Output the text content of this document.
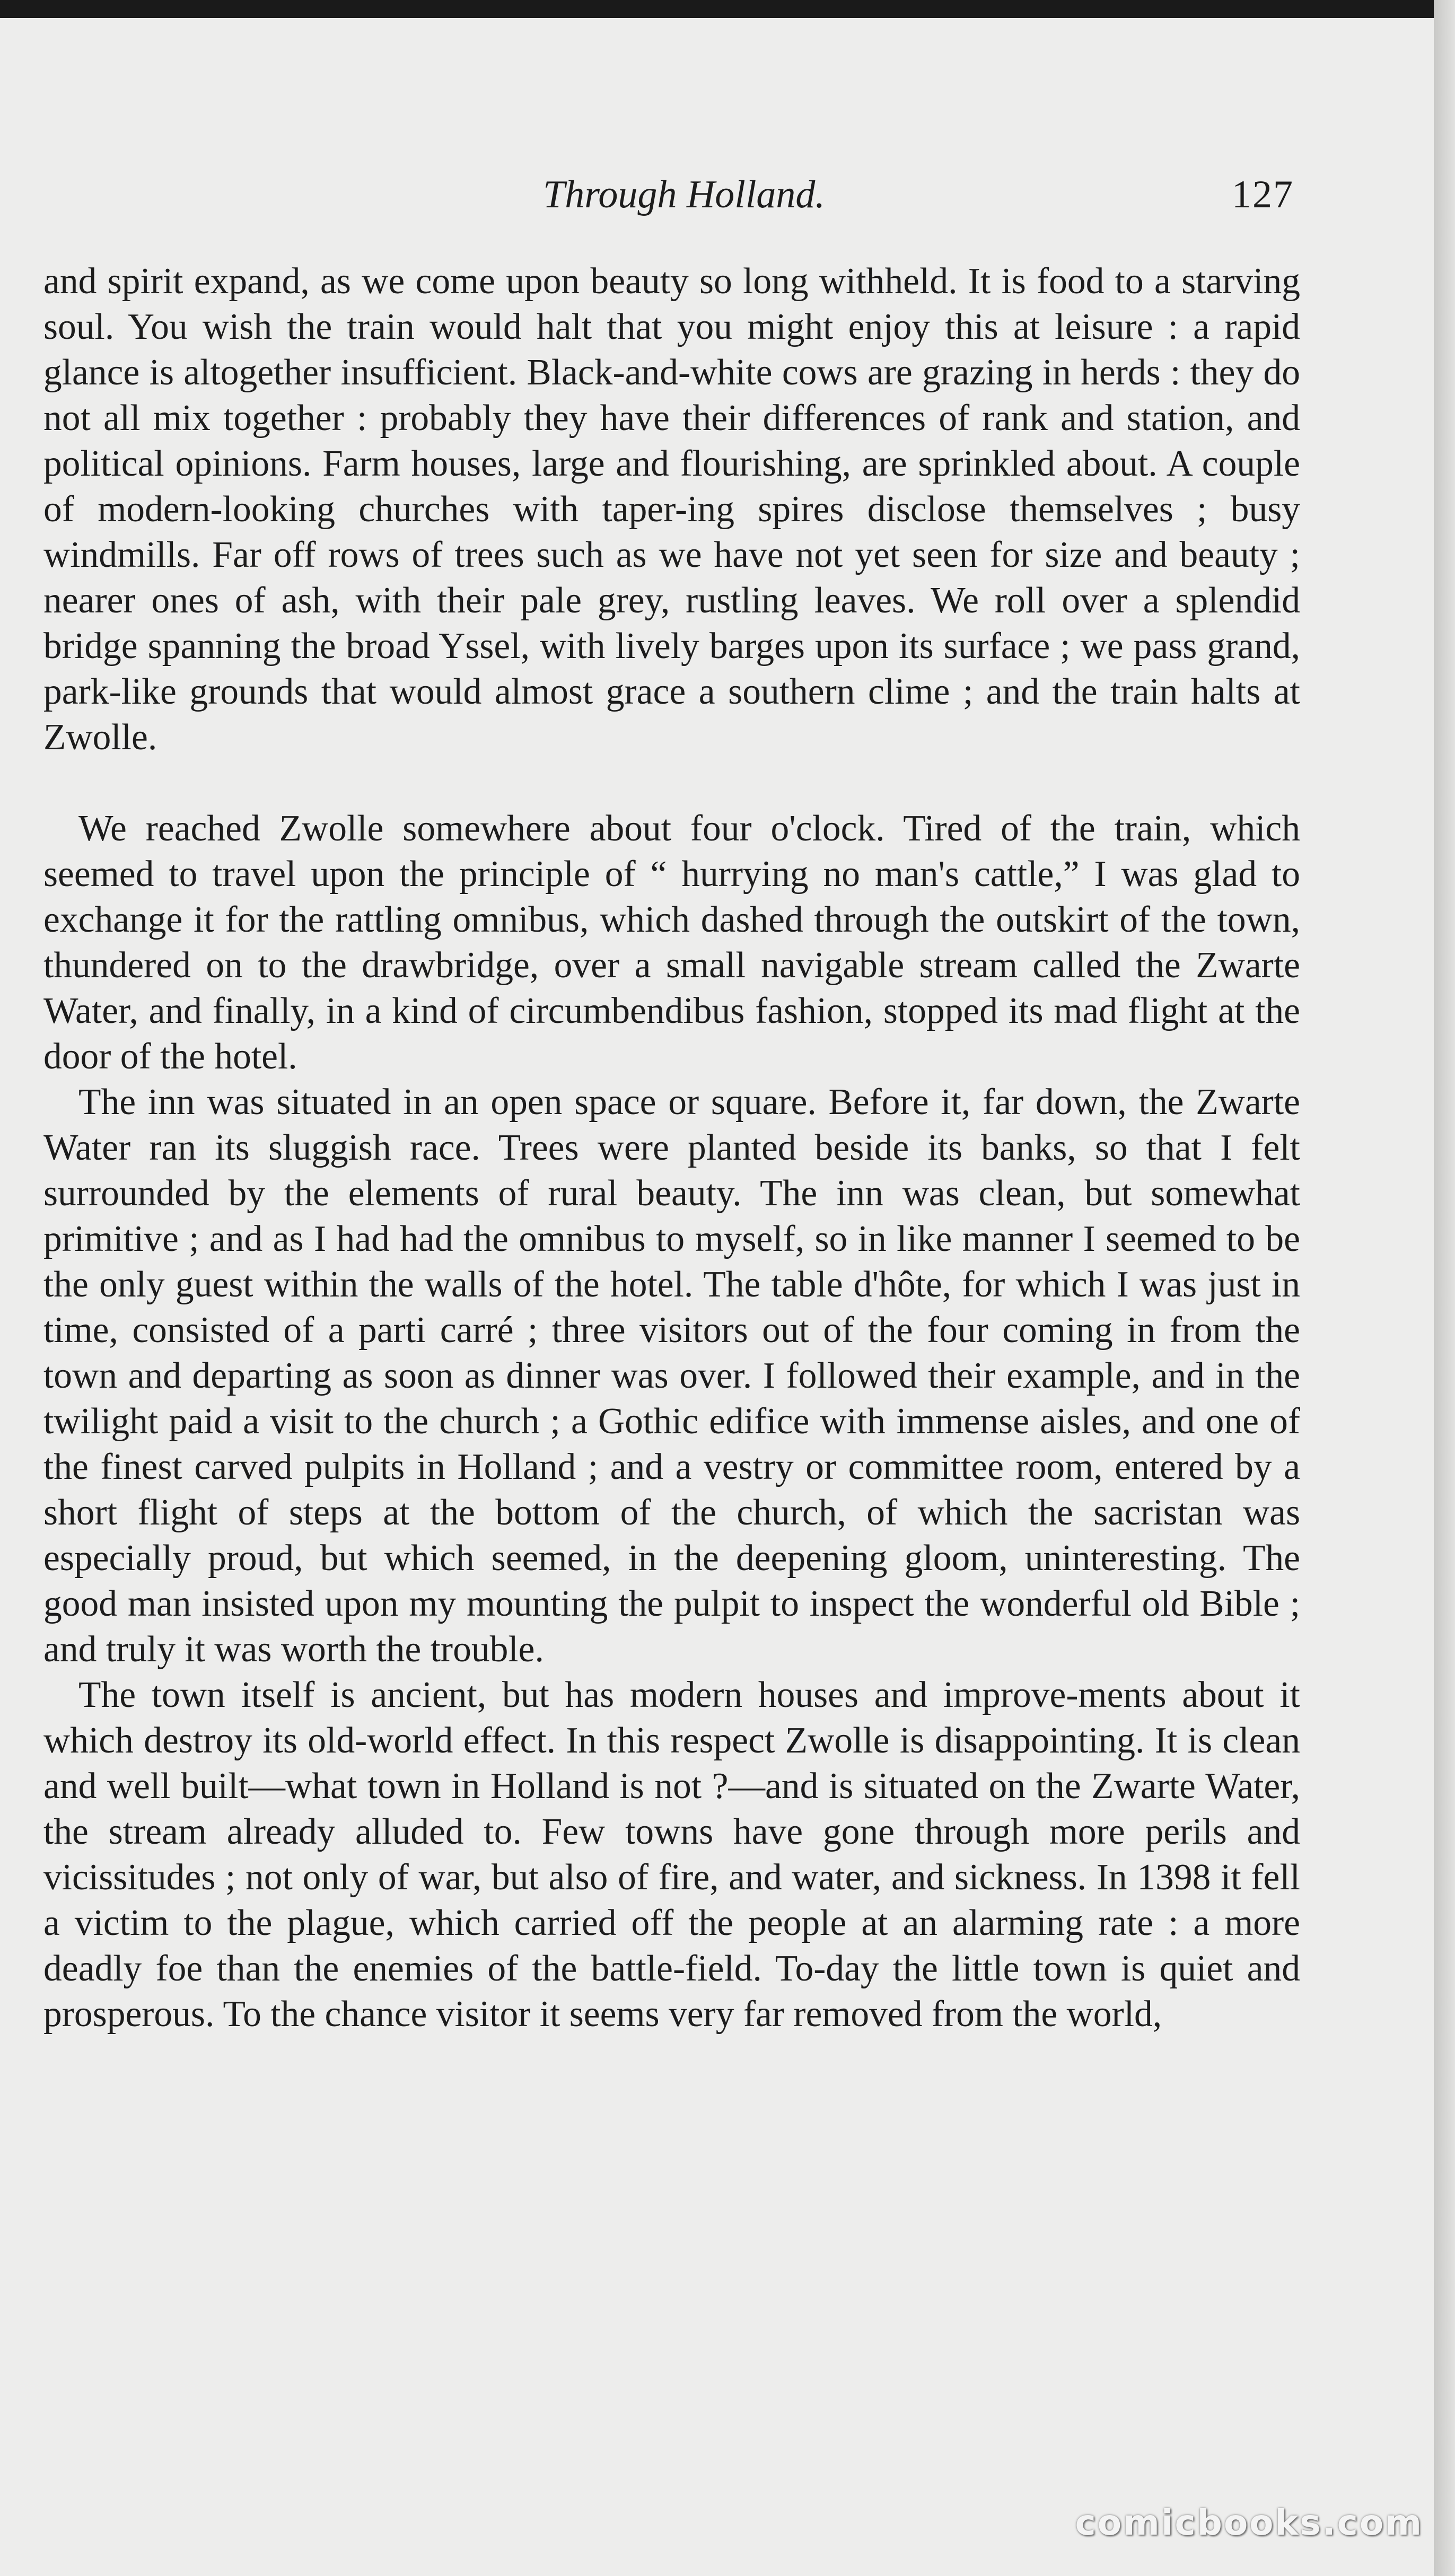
Through Holland.	127

and spirit expand, as we come upon beauty so long withheld. It is food to a starving soul. You wish the train would halt that you might enjoy this at leisure : a rapid glance is altogether insufficient. Black-and-white cows are grazing in herds : they do not all mix together : probably they have their differences of rank and station, and political opinions. Farm houses, large and flourishing, are sprinkled about. A couple of modern-looking churches with taper-ing spires disclose themselves ; busy windmills. Far off rows of trees such as we have not yet seen for size and beauty ; nearer ones of ash, with their pale grey, rustling leaves. We roll over a splendid bridge spanning the broad Yssel, with lively barges upon its surface ; we pass grand, park-like grounds that would almost grace a southern clime ; and the train halts at Zwolle.

We reached Zwolle somewhere about four o'clock. Tired of the train, which seemed to travel upon the principle of “ hurrying no man's cattle,” I was glad to exchange it for the rattling omnibus, which dashed through the outskirt of the town, thundered on to the drawbridge, over a small navigable stream called the Zwarte Water, and finally, in a kind of circumbendibus fashion, stopped its mad flight at the door of the hotel.

The inn was situated in an open space or square. Before it, far down, the Zwarte Water ran its sluggish race. Trees were planted beside its banks, so that I felt surrounded by the elements of rural beauty. The inn was clean, but somewhat primitive ; and as I had had the omnibus to myself, so in like manner I seemed to be the only guest within the walls of the hotel. The table d'hôte, for which I was just in time, consisted of a parti carré ; three visitors out of the four coming in from the town and departing as soon as dinner was over. I followed their example, and in the twilight paid a visit to the church ; a Gothic edifice with immense aisles, and one of the finest carved pulpits in Holland ; and a vestry or committee room, entered by a short flight of steps at the bottom of the church, of which the sacristan was especially proud, but which seemed, in the deepening gloom, uninteresting. The good man insisted upon my mounting the pulpit to inspect the wonderful old Bible ; and truly it was worth the trouble.

The town itself is ancient, but has modern houses and improve-ments about it which destroy its old-world effect. In this respect Zwolle is disappointing. It is clean and well built—what town in Holland is not ?—and is situated on the Zwarte Water, the stream already alluded to. Few towns have gone through more perils and vicissitudes ; not only of war, but also of fire, and water, and sickness. In 1398 it fell a victim to the plague, which carried off the people at an alarming rate : a more deadly foe than the enemies of the battle-field. To-day the little town is quiet and prosperous. To the chance visitor it seems very far removed from the world,

comicbooks.com
